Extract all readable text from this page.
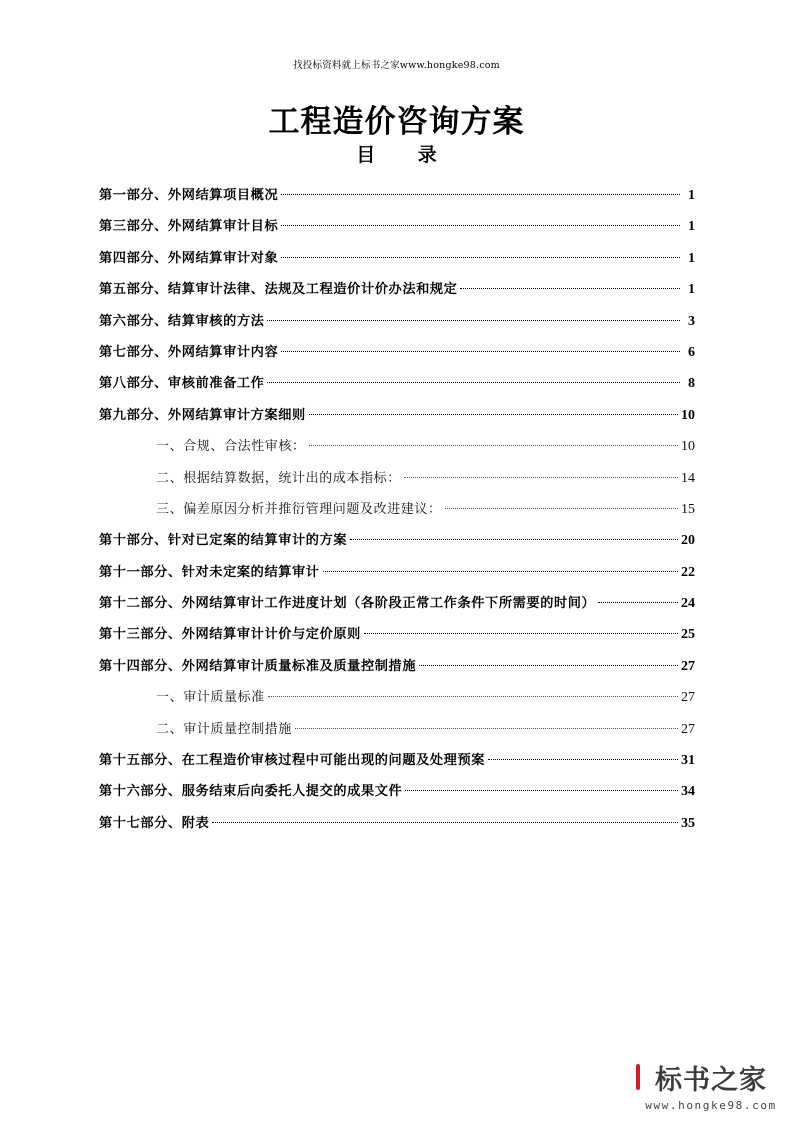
找投标资料就上标书之家www.hongke98.com
工程造价咨询方案
目 录
第一部分、外网结算项目概况	1
第三部分、外网结算审计目标	1
第四部分、外网结算审计对象	1
第五部分、结算审计法律、法规及工程造价计价办法和规定	1
第六部分、结算审核的方法	3
第七部分、外网结算审计内容	6
第八部分、审核前准备工作	8
第九部分、外网结算审计方案细则	10
一、合规、合法性审核：	10
二、根据结算数据，统计出的成本指标：	14
三、偏差原因分析并推衍管理问题及改进建议：	15
第十部分、针对已定案的结算审计的方案	20
第十一部分、针对未定案的结算审计	22
第十二部分、外网结算审计工作进度计划（各阶段正常工作条件下所需要的时间）	24
第十三部分、外网结算审计计价与定价原则	25
第十四部分、外网结算审计质量标准及质量控制措施	27
一、审计质量标准	27
二、审计质量控制措施	27
第十五部分、在工程造价审核过程中可能出现的问题及处理预案	31
第十六部分、服务结束后向委托人提交的成果文件	34
第十七部分、附表	35
标书之家
www.hongke98.com
